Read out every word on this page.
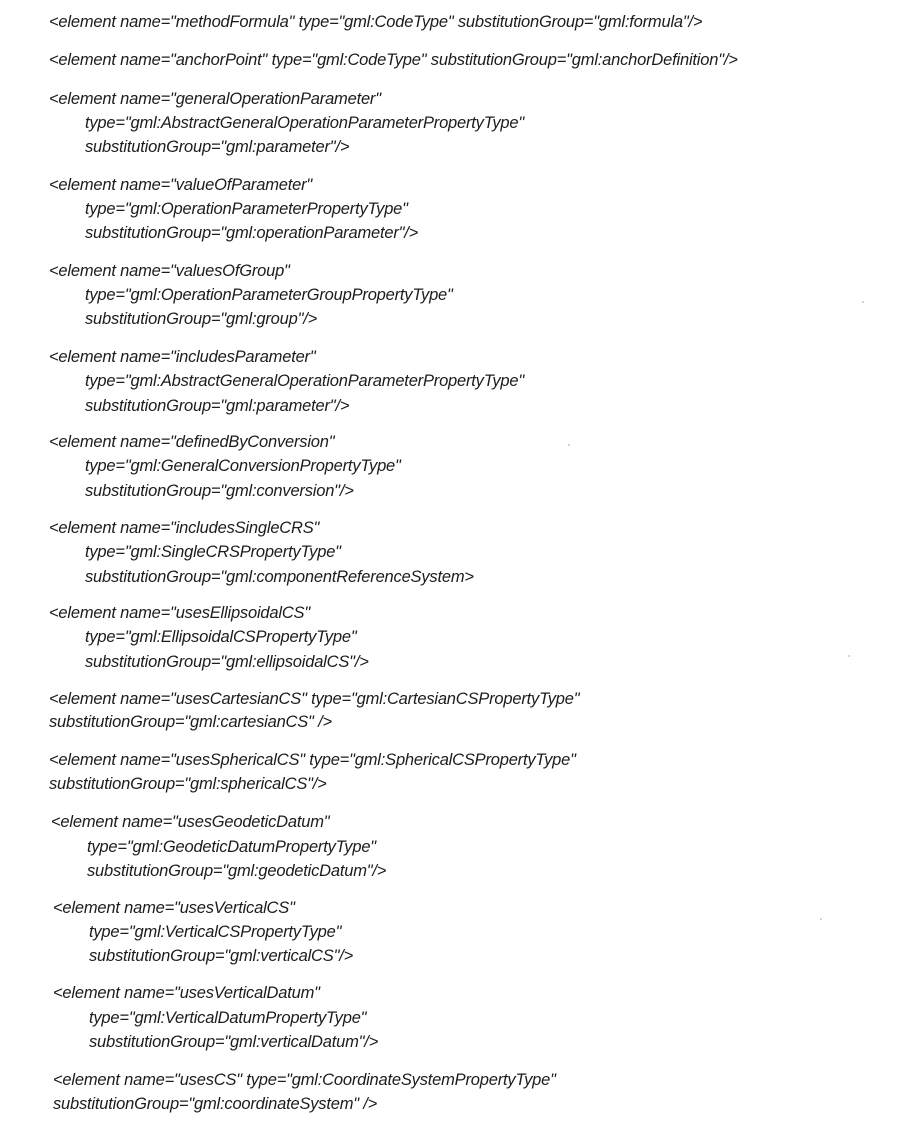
<element name="methodFormula" type="gml:CodeType" substitutionGroup="gml:formula"/>
<element name="anchorPoint" type="gml:CodeType" substitutionGroup="gml:anchorDefinition"/>
<element name="generalOperationParameter"
type="gml:AbstractGeneralOperationParameterPropertyType"
substitutionGroup="gml:parameter"/>
<element name="valueOfParameter"
type="gml:OperationParameterPropertyType"
substitutionGroup="gml:operationParameter"/>
<element name="valuesOfGroup"
type="gml:OperationParameterGroupPropertyType"
substitutionGroup="gml:group"/>
<element name="includesParameter"
type="gml:AbstractGeneralOperationParameterPropertyType"
substitutionGroup="gml:parameter"/>
<element name="definedByConversion"
type="gml:GeneralConversionPropertyType"
substitutionGroup="gml:conversion"/>
<element name="includesSingleCRS"
type="gml:SingleCRSPropertyType"
substitutionGroup="gml:componentReferenceSystem>
<element name="usesEllipsoidalCS"
type="gml:EllipsoidalCSPropertyType"
substitutionGroup="gml:ellipsoidalCS"/>
<element name="usesCartesianCS" type="gml:CartesianCSPropertyType"
substitutionGroup="gml:cartesianCS" />
<element name="usesSphericalCS" type="gml:SphericalCSPropertyType"
substitutionGroup="gml:sphericalCS"/>
<element name="usesGeodeticDatum"
type="gml:GeodeticDatumPropertyType"
substitutionGroup="gml:geodeticDatum"/>
<element name="usesVerticalCS"
type="gml:VerticalCSPropertyType"
substitutionGroup="gml:verticalCS"/>
<element name="usesVerticalDatum"
type="gml:VerticalDatumPropertyType"
substitutionGroup="gml:verticalDatum"/>
<element name="usesCS" type="gml:CoordinateSystemPropertyType"
substitutionGroup="gml:coordinateSystem" />
